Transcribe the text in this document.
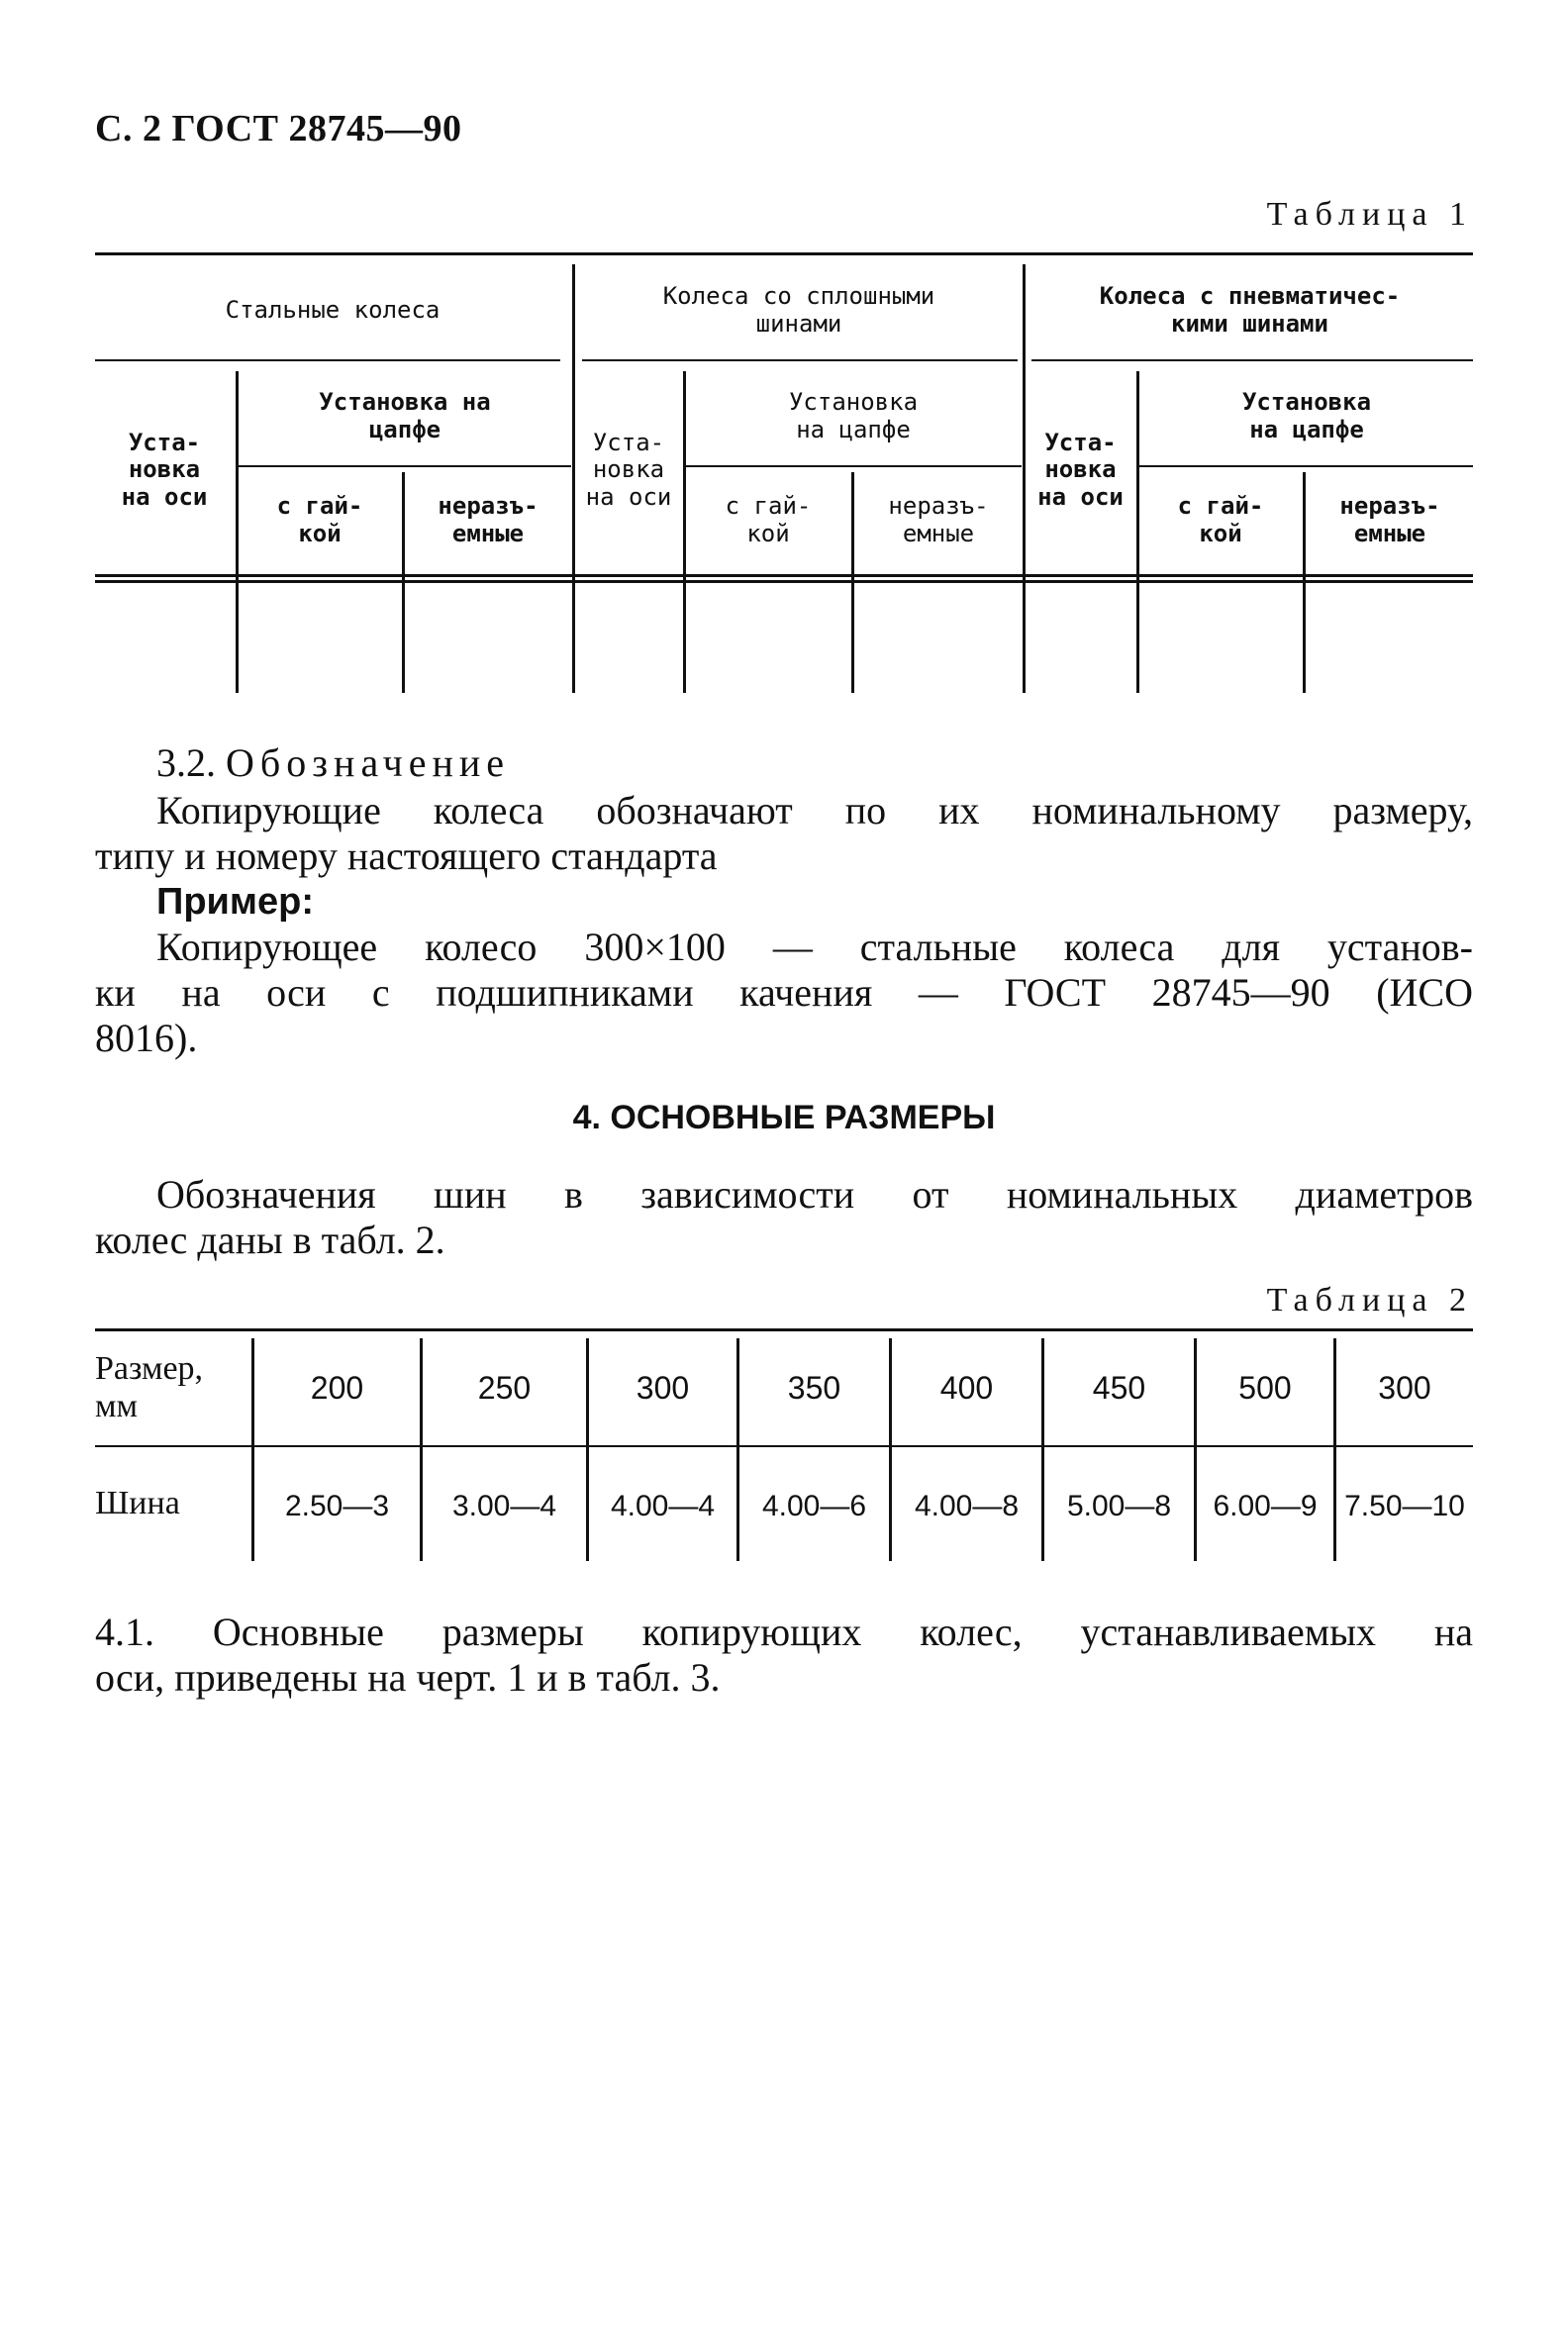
С. 2 ГОСТ 28745—90
Таблица 1
Стальные колеса
Уста-
новка
на оси
Установка на
цапфе
с гай-
кой
неразъ-
емные
Колеса со сплошными
шинами
Уста-
новка
на оси
Установка
на цапфе
с гай-
кой
неразъ-
емные
Колеса с пневматичес-
кими шинами
Уста-
новка
на оси
Установка
на цапфе
с гай-
кой
неразъ-
емные
3.2. Обозначение
Копирующие колеса обозначают по их номинальному размеру,
типу и номеру настоящего стандарта
Пример:
Копирующее колесо 300×100 — стальные колеса для установ-
ки на оси с подшипниками качения — ГОСТ 28745—90 (ИСО
8016).
4. ОСНОВНЫЕ РАЗМЕРЫ
Обозначения шин в зависимости от номинальных диаметров
колес даны в табл. 2.
Таблица 2
Размер,
мм
Шина
200
2.50—3
250
3.00—4
300
4.00—4
350
4.00—6
400
4.00—8
450
5.00—8
500
6.00—9
300
7.50—10
4.1. Основные размеры копирующих колес, устанавливаемых на
оси, приведены на черт. 1 и в табл. 3.
